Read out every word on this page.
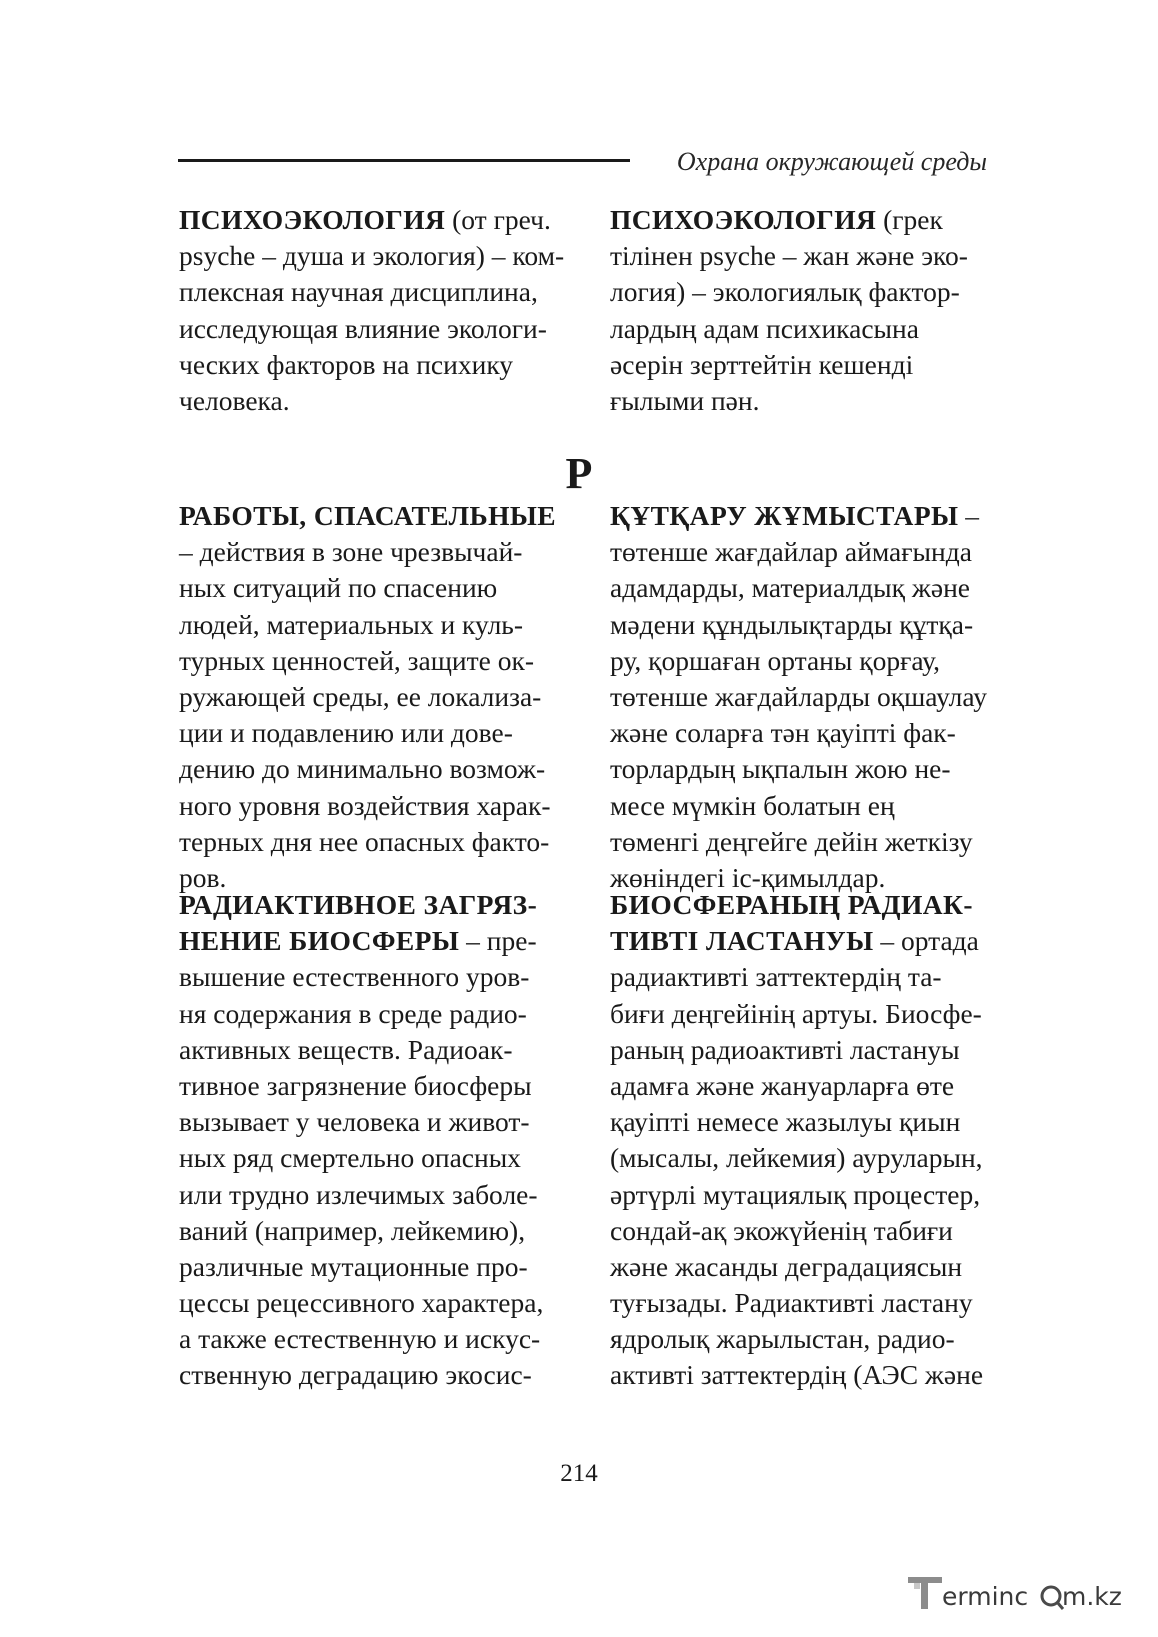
Охрана окружающей среды
Р
ПСИХОЭКОЛОГИЯ (от греч.
psyche – душа и экология) – ком-
плексная научная дисциплина,
исследующая влияние экологи-
ческих факторов на психику
человека.
ПСИХОЭКОЛОГИЯ (грек
тілінен psyche – жан және эко-
логия) – экологиялық фактор-
лардың адам психикасына
әсерін зерттейтін кешенді
ғылыми пән.
РАБОТЫ, СПАСАТЕЛЬНЫЕ
– действия в зоне чрезвычай-
ных ситуаций по спасению
людей, материальных и куль-
турных ценностей, защите ок-
ружающей среды, ее локализа-
ции и подавлению или дове-
дению до минимально возмож-
ного уровня воздействия харак-
терных дня нее опасных факто-
ров.
ҚҰТҚАРУ ЖҰМЫСТАРЫ –
төтенше жағдайлар аймағында
адамдарды, материалдық және
мәдени құндылықтарды құтқа-
ру, қоршаған ортаны қорғау,
төтенше жағдайларды оқшаулау
және соларға тән қауіпті фак-
торлардың ықпалын жою не-
месе мүмкін болатын ең
төменгі деңгейге дейін жеткізу
жөніндегі іс-қимылдар.
РАДИАКТИВНОЕ ЗАГРЯЗ-
НЕНИЕ БИОСФЕРЫ – пре-
вышение естественного уров-
ня содержания в среде радио-
активных веществ. Радиоак-
тивное загрязнение биосферы
вызывает у человека и живот-
ных ряд смертельно опасных
или трудно излечимых заболе-
ваний (например, лейкемию),
различные мутационные про-
цессы рецессивного характера,
а также естественную и искус-
ственную деградацию экосис-
БИОСФЕРАНЫҢ РАДИАК-
ТИВТІ ЛАСТАНУЫ – ортада
радиактивті заттектердің та-
биғи деңгейінің артуы. Биосфе-
раның радиоактивті ластануы
адамға және жануарларға өте
қауіпті немесе жазылуы қиын
(мысалы, лейкемия) ауруларын,
әртүрлі мутациялық процестер,
сондай-ақ экожүйенің табиғи
және жасанды деградациясын
туғызады. Радиактивті ластану
ядролық жарылыстан, радио-
активті заттектердің (АЭС және
214
erminc m.kz
